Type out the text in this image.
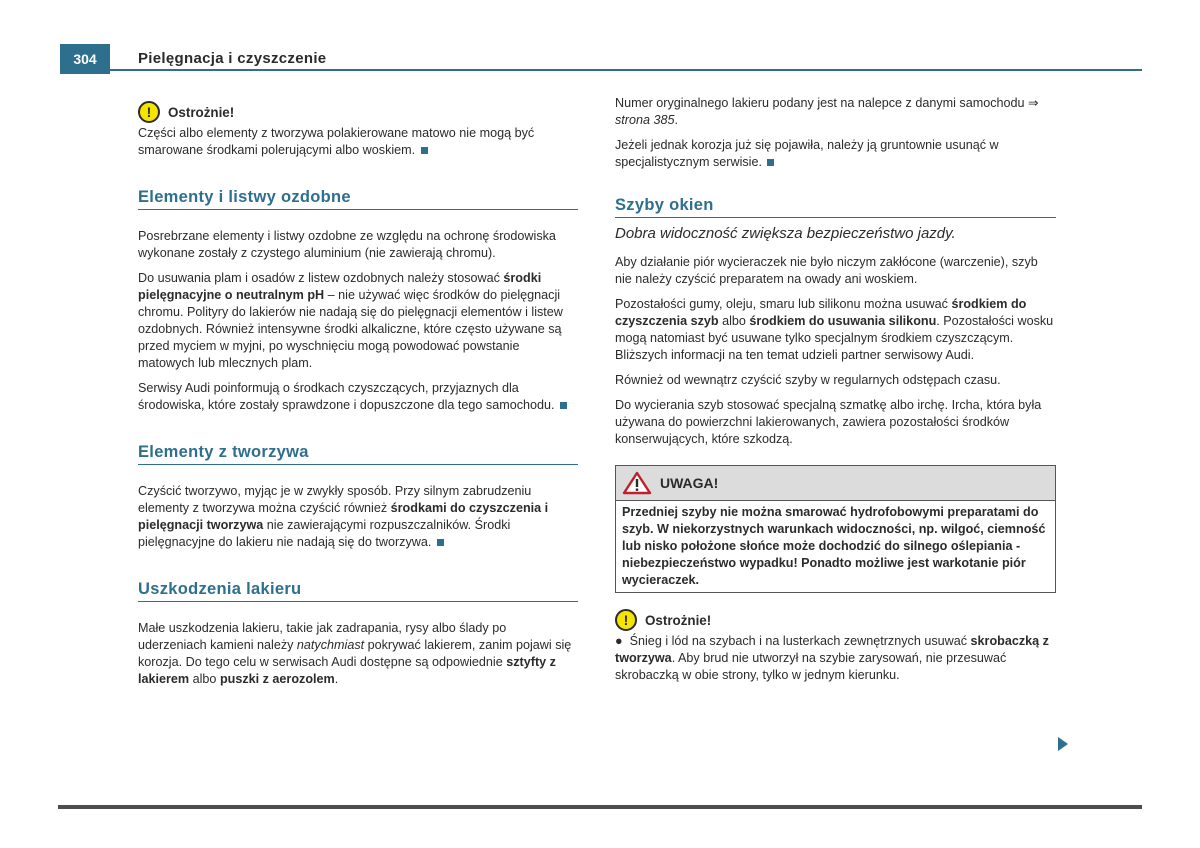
304	Pielęgnacja i czyszczenie
!	Ostrożnie!

Części albo elementy z tworzywa polakierowane matowo nie mogą być smarowane środkami polerującymi albo woskiem.

Elementy i listwy ozdobne

Posrebrzane elementy i listwy ozdobne ze względu na ochronę środowiska wykonane zostały z czystego aluminium (nie zawierają chromu).

Do usuwania plam i osadów z listew ozdobnych należy stosować środki pielęgnacyjne o neutralnym pH – nie używać więc środków do pielęgnacji chromu. Polityry do lakierów nie nadają się do pielęgnacji elementów i listew ozdobnych. Również intensywne środki alkaliczne, które często używane są przed myciem w myjni, po wyschnięciu mogą powodować powstanie matowych lub mlecznych plam.

Serwisy Audi poinformują o środkach czyszczących, przyjaznych dla środowiska, które zostały sprawdzone i dopuszczone dla tego samochodu.

Elementy z tworzywa

Czyścić tworzywo, myjąc je w zwykły sposób. Przy silnym zabrudzeniu elementy z tworzywa można czyścić również środkami do czyszczenia i pielęgnacji tworzywa nie zawierającymi rozpuszczalników. Środki pielęgnacyjne do lakieru nie nadają się do tworzywa.

Uszkodzenia lakieru

Małe uszkodzenia lakieru, takie jak zadrapania, rysy albo ślady po uderzeniach kamieni należy natychmiast pokrywać lakierem, zanim pojawi się korozja. Do tego celu w serwisach Audi dostępne są odpowiednie sztyfty z lakierem albo puszki z aerozolem.

Numer oryginalnego lakieru podany jest na nalepce z danymi samochodu ⇒ strona 385.

Jeżeli jednak korozja już się pojawiła, należy ją gruntownie usunąć w specjalistycznym serwisie.

Szyby okien
Dobra widoczność zwiększa bezpieczeństwo jazdy.

Aby działanie piór wycieraczek nie było niczym zakłócone (warczenie), szyb nie należy czyścić preparatem na owady ani woskiem.

Pozostałości gumy, oleju, smaru lub silikonu można usuwać środkiem do czyszczenia szyb albo środkiem do usuwania silikonu. Pozostałości wosku mogą natomiast być usuwane tylko specjalnym środkiem czyszczącym. Bliższych informacji na ten temat udzieli partner serwisowy Audi.

Również od wewnątrz czyścić szyby w regularnych odstępach czasu.

Do wycierania szyb stosować specjalną szmatkę albo irchę. Ircha, która była używana do powierzchni lakierowanych, zawiera pozostałości środków konserwujących, które szkodzą.

UWAGA!
Przedniej szyby nie można smarować hydrofobowymi preparatami do szyb. W niekorzystnych warunkach widoczności, np. wilgoć, ciemność lub nisko położone słońce może dochodzić do silnego oślepiania - niebezpieczeństwo wypadku! Ponadto możliwe jest warkotanie piór wycieraczek.
!	Ostrożnie!

● Śnieg i lód na szybach i na lusterkach zewnętrznych usuwać skrobaczką z tworzywa. Aby brud nie utworzył na szybie zarysowań, nie przesuwać skrobaczką w obie strony, tylko w jednym kierunku.
